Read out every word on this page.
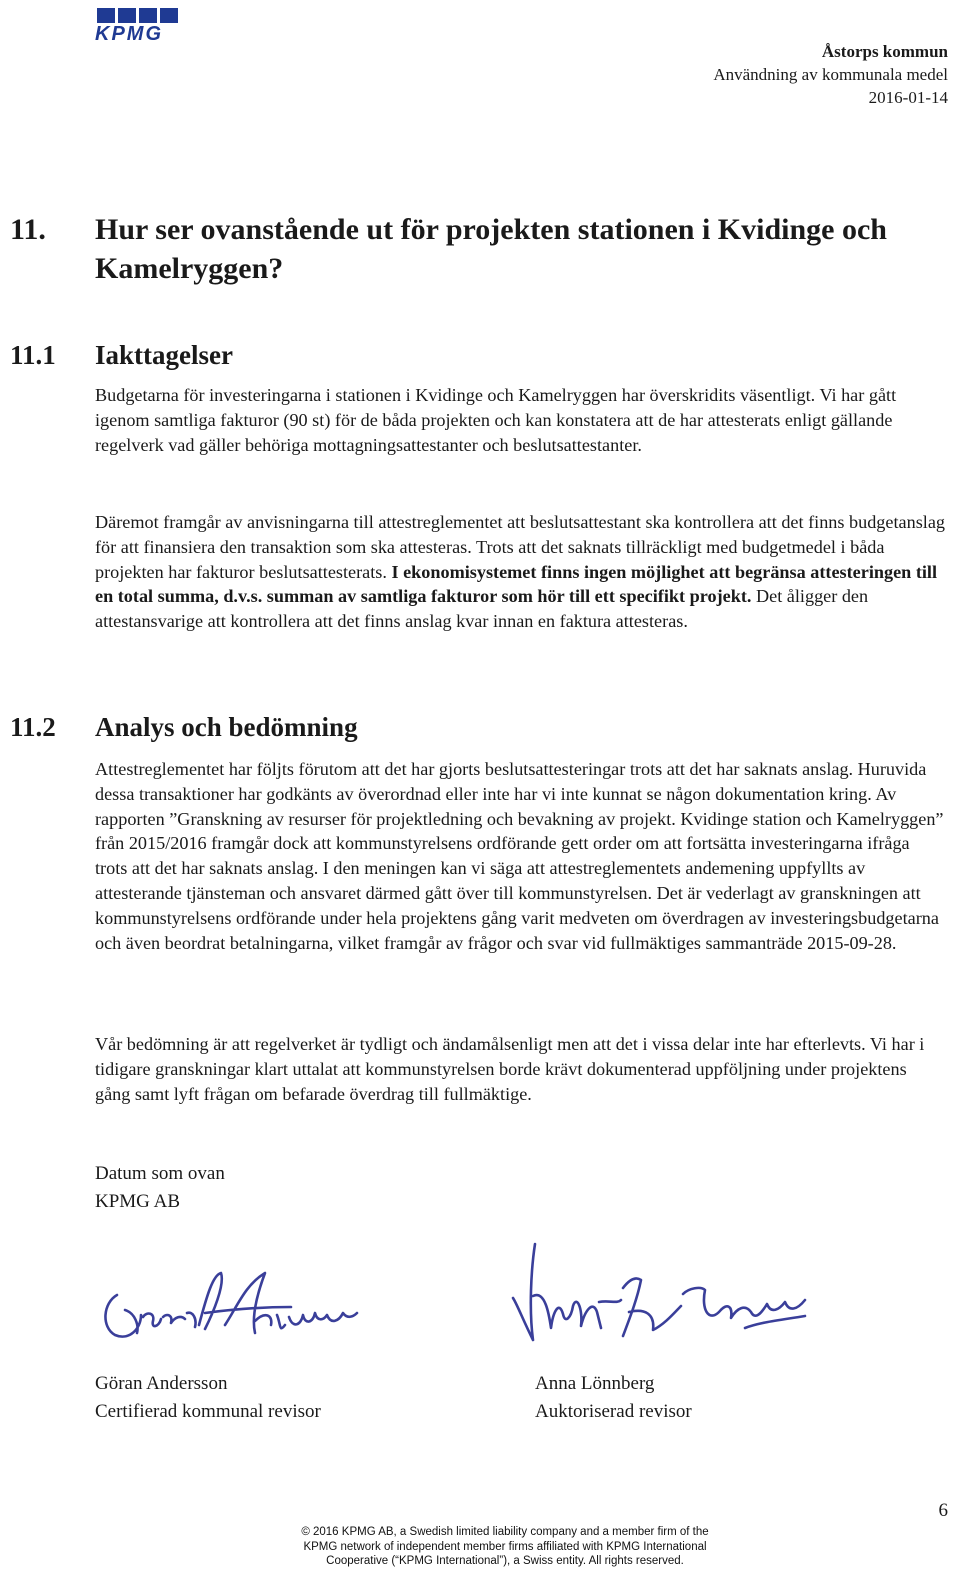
KPMG
Åstorps kommun
Användning av kommunala medel
2016-01-14
11. Hur ser ovanstående ut för projekten stationen i Kvidinge och Kamelryggen?
11.1 Iakttagelser

Budgetarna för investeringarna i stationen i Kvidinge och Kamelryggen har överskridits väsentligt. Vi har gått igenom samtliga fakturor (90 st) för de båda projekten och kan konstatera att de har attesterats enligt gällande regelverk vad gäller behöriga mottagningsattestanter och beslutsattestanter.

Däremot framgår av anvisningarna till attestreglementet att beslutsattestant ska kontrollera att det finns budgetanslag för att finansiera den transaktion som ska attesteras. Trots att det saknats tillräckligt med budgetmedel i båda projekten har fakturor beslutsattesterats. I ekonomisystemet finns ingen möjlighet att begränsa attesteringen till en total summa, d.v.s. summan av samtliga fakturor som hör till ett specifikt projekt. Det åligger den attestansvarige att kontrollera att det finns anslag kvar innan en faktura attesteras.

11.2 Analys och bedömning

Attestreglementet har följts förutom att det har gjorts beslutsattesteringar trots att det har saknats anslag. Huruvida dessa transaktioner har godkänts av överordnad eller inte har vi inte kunnat se någon dokumentation kring. Av rapporten ”Granskning av resurser för projektledning och bevakning av projekt. Kvidinge station och Kamelryggen” från 2015/2016 framgår dock att kommunstyrelsens ordförande gett order om att fortsätta investeringarna ifråga trots att det har saknats anslag. I den meningen kan vi säga att attestreglementets andemening uppfyllts av attesterande tjänsteman och ansvaret därmed gått över till kommunstyrelsen. Det är vederlagt av granskningen att kommunstyrelsens ordförande under hela projektens gång varit medveten om överdragen av investeringsbudgetarna och även beordrat betalningarna, vilket framgår av frågor och svar vid fullmäktiges sammanträde 2015-09-28.

Vår bedömning är att regelverket är tydligt och ändamålsenligt men att det i vissa delar inte har efterlevts. Vi har i tidigare granskningar klart uttalat att kommunstyrelsen borde krävt dokumenterad uppföljning under projektens gång samt lyft frågan om befarade överdrag till fullmäktige.

Datum som ovan
KPMG AB
Göran Andersson
Certifierad kommunal revisor
Anna Lönnberg
Auktoriserad revisor
6
© 2016 KPMG AB, a Swedish limited liability company and a member firm of the
KPMG network of independent member firms affiliated with KPMG International
Cooperative (“KPMG International”), a Swiss entity. All rights reserved.
